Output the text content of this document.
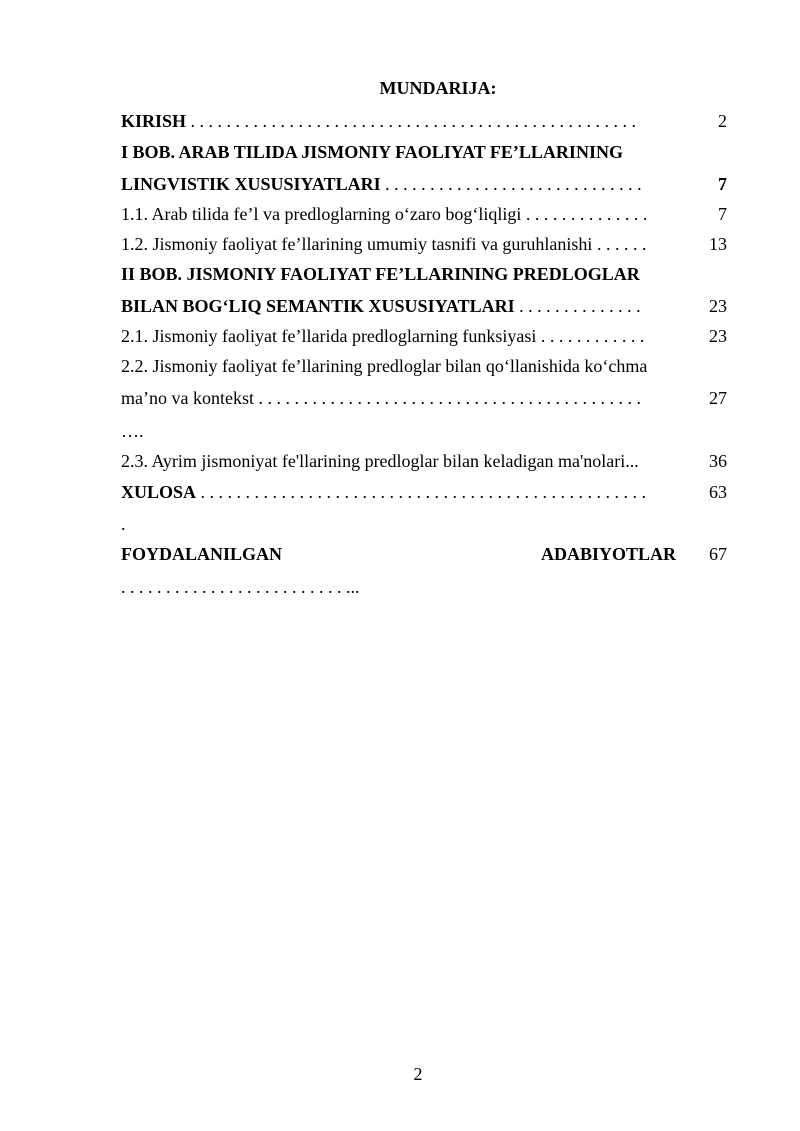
MUNDARIJA:
KIRISH . . . . . . . . . . . . . . . . . . . . . . . . . . . . . . . . . . . . . . . . . . . . . . . . . .	2
I BOB. ARAB TILIDA JISMONIY FAOLIYAT FE’LLARINING
LINGVISTIK XUSUSIYATLARI . . . . . . . . . . . . . . . . . . . . . . . . . . . . .	7
1.1. Arab tilida fe’l va predloglarning o‘zaro bog‘liqligi . . . . . . . . . . . . . .	7
1.2. Jismoniy faoliyat fe’llarining umumiy tasnifi va guruhlanishi . . . . . .	13
II BOB. JISMONIY FAOLIYAT FE’LLARINING PREDLOGLAR
BILAN BOG‘LIQ SEMANTIK XUSUSIYATLARI . . . . . . . . . . . . . .	23
2.1. Jismoniy faoliyat fe’llarida predloglarning funksiyasi . . . . . . . . . . . .	23
2.2. Jismoniy faoliyat fe’llarining predloglar bilan qo‘llanishida ko‘chma
ma’no va kontekst . . . . . . . . . . . . . . . . . . . . . . . . . . . . . . . . . . . . . . . . . . .	27
….
2.3. Ayrim jismoniyat fe'llarining predloglar bilan keladigan ma'nolari...	36
XULOSA . . . . . . . . . . . . . . . . . . . . . . . . . . . . . . . . . . . . . . . . . . . . . . . . . .	63
.
FOYDALANILGAN	ADABIYOTLAR	67
. . . . . . . . . . . . . . . . . . . . . . . . . ...
2
